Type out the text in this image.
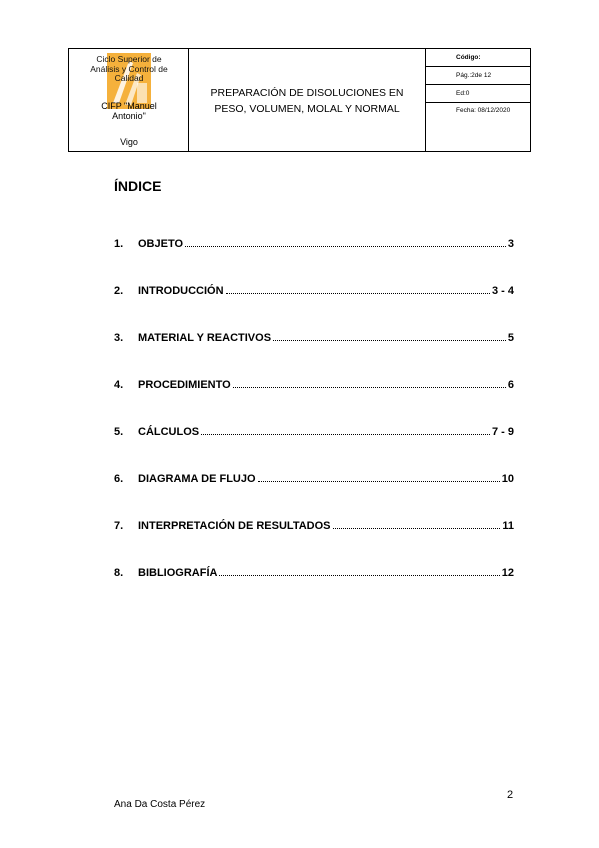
Ciclo Superior de
Análisis y Control de
Calidad
CIFP "Manuel
Antonio"
Vigo
PREPARACIÓN DE DISOLUCIONES EN
PESO, VOLUMEN, MOLAL Y NORMAL
Código:
Pág.:2de 12
Ed:0
Fecha: 08/12/2020
ÍNDICE
1.	OBJETO	3
2.	INTRODUCCIÓN	3 - 4
3.	MATERIAL Y REACTIVOS	5
4.	PROCEDIMIENTO	6
5.	CÁLCULOS	7 - 9
6.	DIAGRAMA DE FLUJO	10
7.	INTERPRETACIÓN DE RESULTADOS	11
8.	BIBLIOGRAFÍA	12
2
Ana Da Costa Pérez
